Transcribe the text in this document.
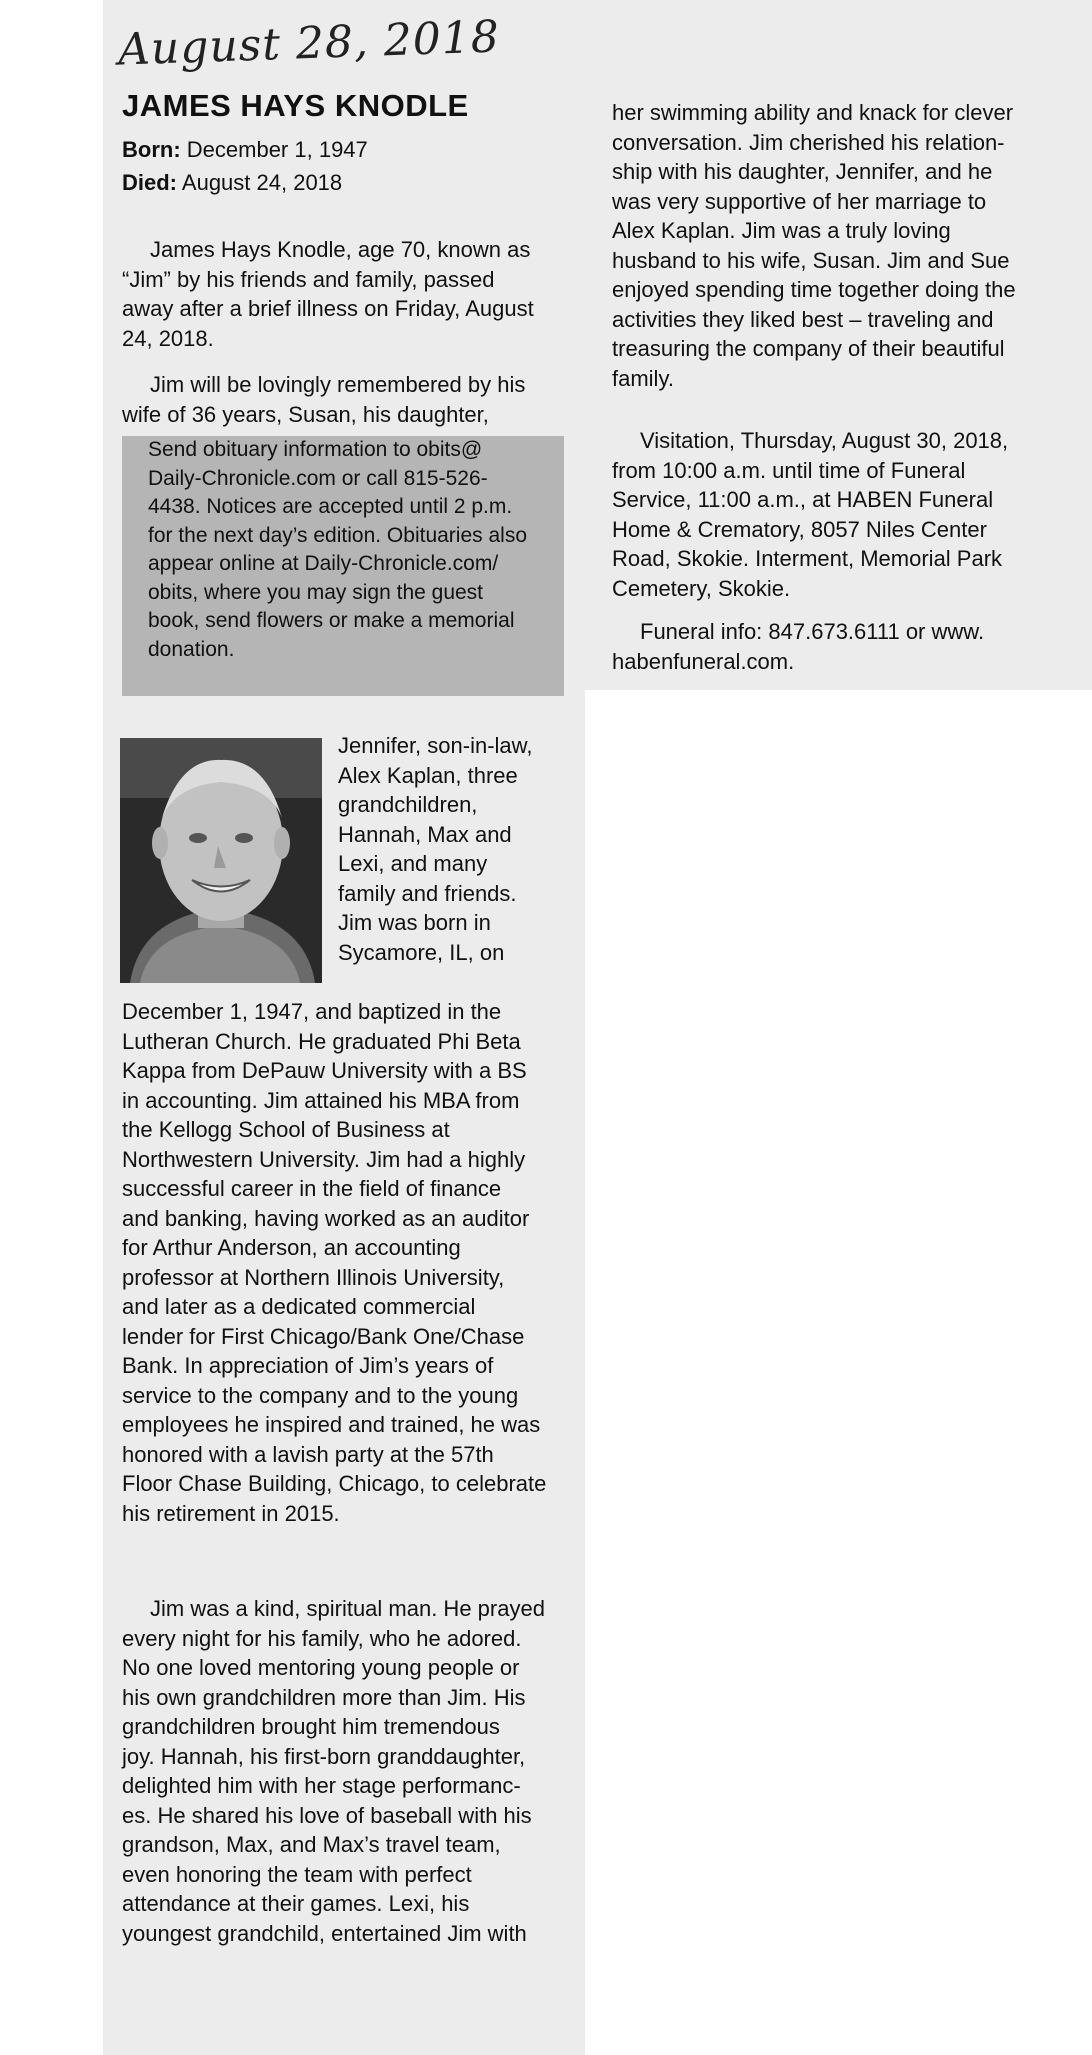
August 28, 2018
JAMES HAYS KNODLE
Born: December 1, 1947
Died: August 24, 2018

James Hays Knodle, age 70, known as
“Jim” by his friends and family, passed
away after a brief illness on Friday, August
24, 2018.

Jim will be lovingly remembered by his
wife of 36 years, Susan, his daughter,

Send obituary information to obits@
Daily-Chronicle.com or call 815-526-
4438. Notices are accepted until 2 p.m.
for the next day’s edition. Obituaries also
appear online at Daily-Chronicle.com/
obits, where you may sign the guest
book, send flowers or make a memorial
donation.
Jennifer, son-in-law,
Alex Kaplan, three
grandchildren,
Hannah, Max and
Lexi, and many
family and friends.
Jim was born in
Sycamore, IL, on
December 1, 1947, and baptized in the
Lutheran Church. He graduated Phi Beta
Kappa from DePauw University with a BS
in accounting. Jim attained his MBA from
the Kellogg School of Business at
Northwestern University. Jim had a highly
successful career in the field of finance
and banking, having worked as an auditor
for Arthur Anderson, an accounting
professor at Northern Illinois University,
and later as a dedicated commercial
lender for First Chicago/Bank One/Chase
Bank. In appreciation of Jim’s years of
service to the company and to the young
employees he inspired and trained, he was
honored with a lavish party at the 57th
Floor Chase Building, Chicago, to celebrate
his retirement in 2015.

Jim was a kind, spiritual man. He prayed
every night for his family, who he adored.
No one loved mentoring young people or
his own grandchildren more than Jim. His
grandchildren brought him tremendous
joy. Hannah, his first-born granddaughter,
delighted him with her stage performanc-
es. He shared his love of baseball with his
grandson, Max, and Max’s travel team,
even honoring the team with perfect
attendance at their games. Lexi, his
youngest grandchild, entertained Jim with

her swimming ability and knack for clever
conversation. Jim cherished his relation-
ship with his daughter, Jennifer, and he
was very supportive of her marriage to
Alex Kaplan. Jim was a truly loving
husband to his wife, Susan. Jim and Sue
enjoyed spending time together doing the
activities they liked best – traveling and
treasuring the company of their beautiful
family.

Visitation, Thursday, August 30, 2018,
from 10:00 a.m. until time of Funeral
Service, 11:00 a.m., at HABEN Funeral
Home & Crematory, 8057 Niles Center
Road, Skokie. Interment, Memorial Park
Cemetery, Skokie.

Funeral info: 847.673.6111 or www.
habenfuneral.com.
